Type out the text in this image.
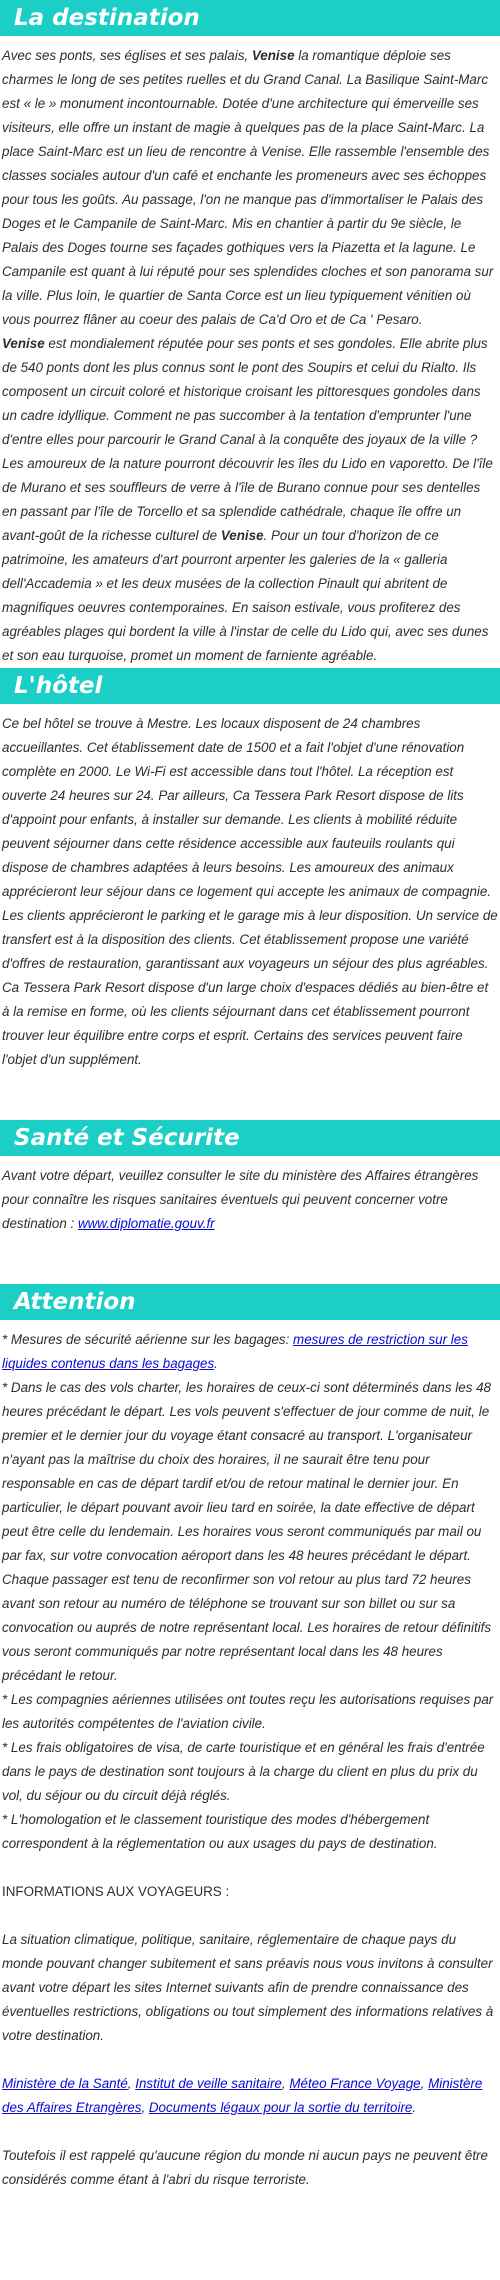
La destination

Avec ses ponts, ses églises et ses palais, Venise la romantique déploie ses charmes le long de ses petites ruelles et du Grand Canal. La Basilique Saint-Marc est « le » monument incontournable. Dotée d'une architecture qui émerveille ses visiteurs, elle offre un instant de magie à quelques pas de la place Saint-Marc. La place Saint-Marc est un lieu de rencontre à Venise. Elle rassemble l'ensemble des classes sociales autour d'un café et enchante les promeneurs avec ses échoppes pour tous les goûts. Au passage, l'on ne manque pas d'immortaliser le Palais des Doges et le Campanile de Saint-Marc. Mis en chantier à partir du 9e siècle, le Palais des Doges tourne ses façades gothiques vers la Piazetta et la lagune. Le Campanile est quant à lui réputé pour ses splendides cloches et son panorama sur la ville. Plus loin, le quartier de Santa Corce est un lieu typiquement vénitien où vous pourrez flâner au coeur des palais de Ca'd Oro et de Ca ' Pesaro.

Venise est mondialement réputée pour ses ponts et ses gondoles. Elle abrite plus de 540 ponts dont les plus connus sont le pont des Soupirs et celui du Rialto. Ils composent un circuit coloré et historique croisant les pittoresques gondoles dans un cadre idyllique. Comment ne pas succomber à la tentation d'emprunter l'une d'entre elles pour parcourir le Grand Canal à la conquête des joyaux de la ville ?

Les amoureux de la nature pourront découvrir les îles du Lido en vaporetto. De l'île de Murano et ses souffleurs de verre à l'île de Burano connue pour ses dentelles en passant par l'île de Torcello et sa splendide cathédrale, chaque île offre un avant-goût de la richesse culturel de Venise. Pour un tour d'horizon de ce patrimoine, les amateurs d'art pourront arpenter les galeries de la « galleria dell'Accademia » et les deux musées de la collection Pinault qui abritent de magnifiques oeuvres contemporaines. En saison estivale, vous profiterez des agréables plages qui bordent la ville à l'instar de celle du Lido qui, avec ses dunes et son eau turquoise, promet un moment de farniente agréable.

L'hôtel

Ce bel hôtel se trouve à Mestre. Les locaux disposent de 24 chambres accueillantes. Cet établissement date de 1500 et a fait l'objet d'une rénovation complète en 2000. Le Wi-Fi est accessible dans tout l'hôtel. La réception est ouverte 24 heures sur 24. Par ailleurs, Ca Tessera Park Resort dispose de lits d'appoint pour enfants, à installer sur demande. Les clients à mobilité réduite peuvent séjourner dans cette résidence accessible aux fauteuils roulants qui dispose de chambres adaptées à leurs besoins. Les amoureux des animaux apprécieront leur séjour dans ce logement qui accepte les animaux de compagnie. Les clients apprécieront le parking et le garage mis à leur disposition. Un service de transfert est à la disposition des clients. Cet établissement propose une variété d'offres de restauration, garantissant aux voyageurs un séjour des plus agréables. Ca Tessera Park Resort dispose d'un large choix d'espaces dédiés au bien-être et à la remise en forme, où les clients séjournant dans cet établissement pourront trouver leur équilibre entre corps et esprit. Certains des services peuvent faire l'objet d'un supplément.

Santé et Sécurite

Avant votre départ, veuillez consulter le site du ministère des Affaires étrangères pour connaître les risques sanitaires éventuels qui peuvent concerner votre destination : www.diplomatie.gouv.fr

Attention

* Mesures de sécurité aérienne sur les bagages: mesures de restriction sur les liquides contenus dans les bagages.

* Dans le cas des vols charter, les horaires de ceux-ci sont déterminés dans les 48 heures précédant le départ. Les vols peuvent s'effectuer de jour comme de nuit, le premier et le dernier jour du voyage étant consacré au transport. L'organisateur n'ayant pas la maîtrise du choix des horaires, il ne saurait être tenu pour responsable en cas de départ tardif et/ou de retour matinal le dernier jour. En particulier, le départ pouvant avoir lieu tard en soirée, la date effective de départ peut être celle du lendemain. Les horaires vous seront communiqués par mail ou par fax, sur votre convocation aéroport dans les 48 heures précédant le départ. Chaque passager est tenu de reconfirmer son vol retour au plus tard 72 heures avant son retour au numéro de téléphone se trouvant sur son billet ou sur sa convocation ou auprés de notre représentant local. Les horaires de retour définitifs vous seront communiqués par notre représentant local dans les 48 heures précédant le retour.

* Les compagnies aériennes utilisées ont toutes reçu les autorisations requises par les autorités compétentes de l'aviation civile.

* Les frais obligatoires de visa, de carte touristique et en général les frais d'entrée dans le pays de destination sont toujours à la charge du client en plus du prix du vol, du séjour ou du circuit déjà réglés.

* L'homologation et le classement touristique des modes d'hébergement correspondent à la réglementation ou aux usages du pays de destination.

INFORMATIONS AUX VOYAGEURS :

La situation climatique, politique, sanitaire, réglementaire de chaque pays du monde pouvant changer subitement et sans préavis nous vous invitons à consulter avant votre départ les sites Internet suivants afin de prendre connaissance des éventuelles restrictions, obligations ou tout simplement des informations relatives à votre destination.

Ministère de la Santé, Institut de veille sanitaire, Méteo France Voyage, Ministère des Affaires Etrangères, Documents légaux pour la sortie du territoire.

Toutefois il est rappelé qu'aucune région du monde ni aucun pays ne peuvent être considérés comme étant à l'abri du risque terroriste.
